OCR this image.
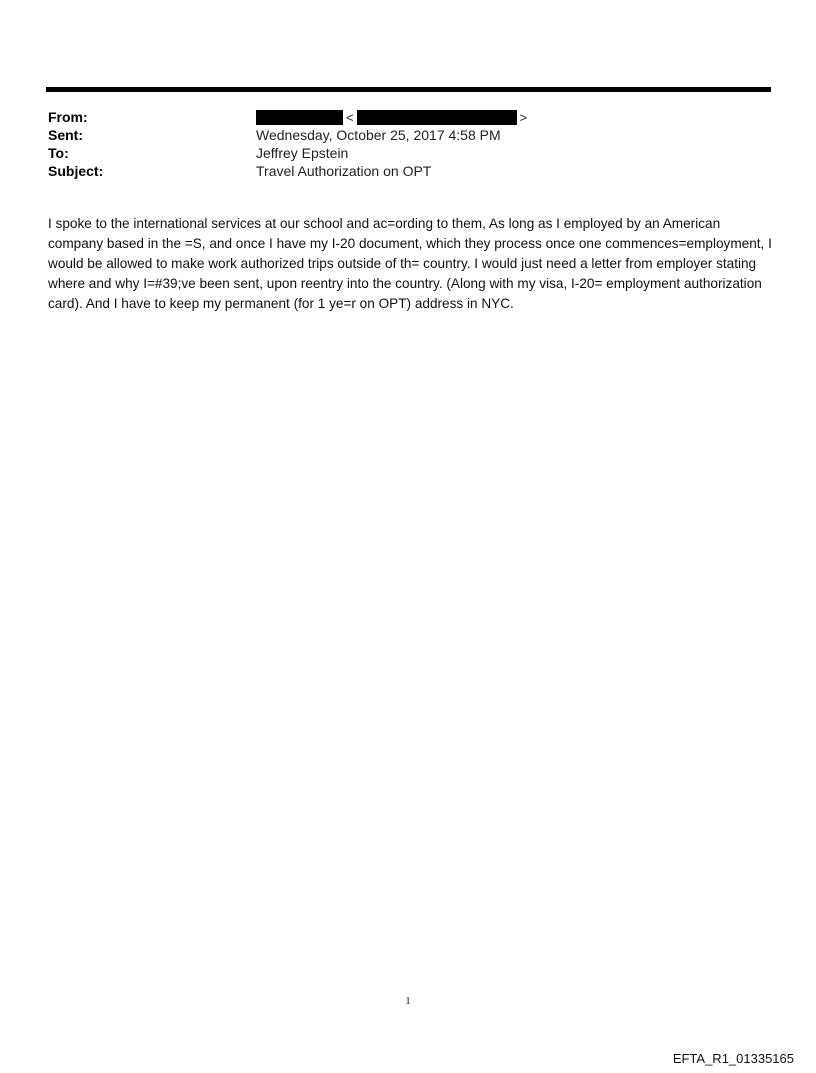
From:	<	>
Sent:	Wednesday, October 25, 2017 4:58 PM
To:	Jeffrey Epstein
Subject:	Travel Authorization on OPT
I spoke to the international services at our school and ac=ording to them, As long as I employed by an American company based in the =S, and once I have my I-20 document, which they process once one commences=employment, I would be allowed to make work authorized trips outside of th= country. I would just need a letter from employer stating where and why I=#39;ve been sent, upon reentry into the country. (Along with my visa, I-20= employment authorization card). And I have to keep my permanent (for 1 ye=r on OPT) address in NYC.
1
EFTA_R1_01335165
